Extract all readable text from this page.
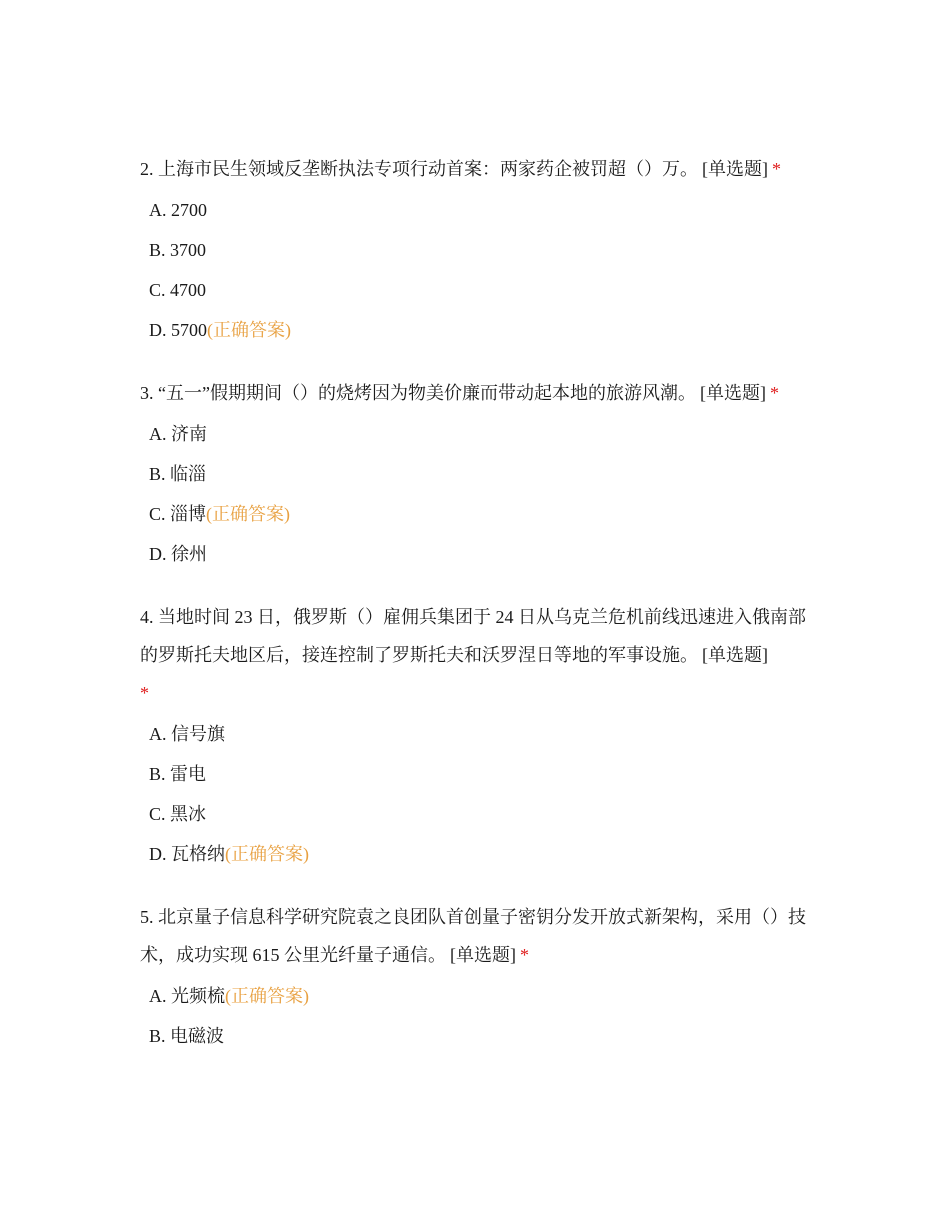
2. 上海市民生领域反垄断执法专项行动首案：两家药企被罚超（）万。 [单选题] *

A. 2700
B. 3700
C. 4700
D. 5700(正确答案)

3. “五一”假期期间（）的烧烤因为物美价廉而带动起本地的旅游风潮。 [单选题] *

A. 济南
B. 临淄
C. 淄博(正确答案)
D. 徐州

4. 当地时间 23 日，俄罗斯（）雇佣兵集团于 24 日从乌克兰危机前线迅速进入俄南部的罗斯托夫地区后，接连控制了罗斯托夫和沃罗涅日等地的军事设施。 [单选题]
*

A. 信号旗
B. 雷电
C. 黑冰
D. 瓦格纳(正确答案)

5. 北京量子信息科学研究院袁之良团队首创量子密钥分发开放式新架构，采用（）技术，成功实现 615 公里光纤量子通信。 [单选题] *

A. 光频梳(正确答案)
B. 电磁波
